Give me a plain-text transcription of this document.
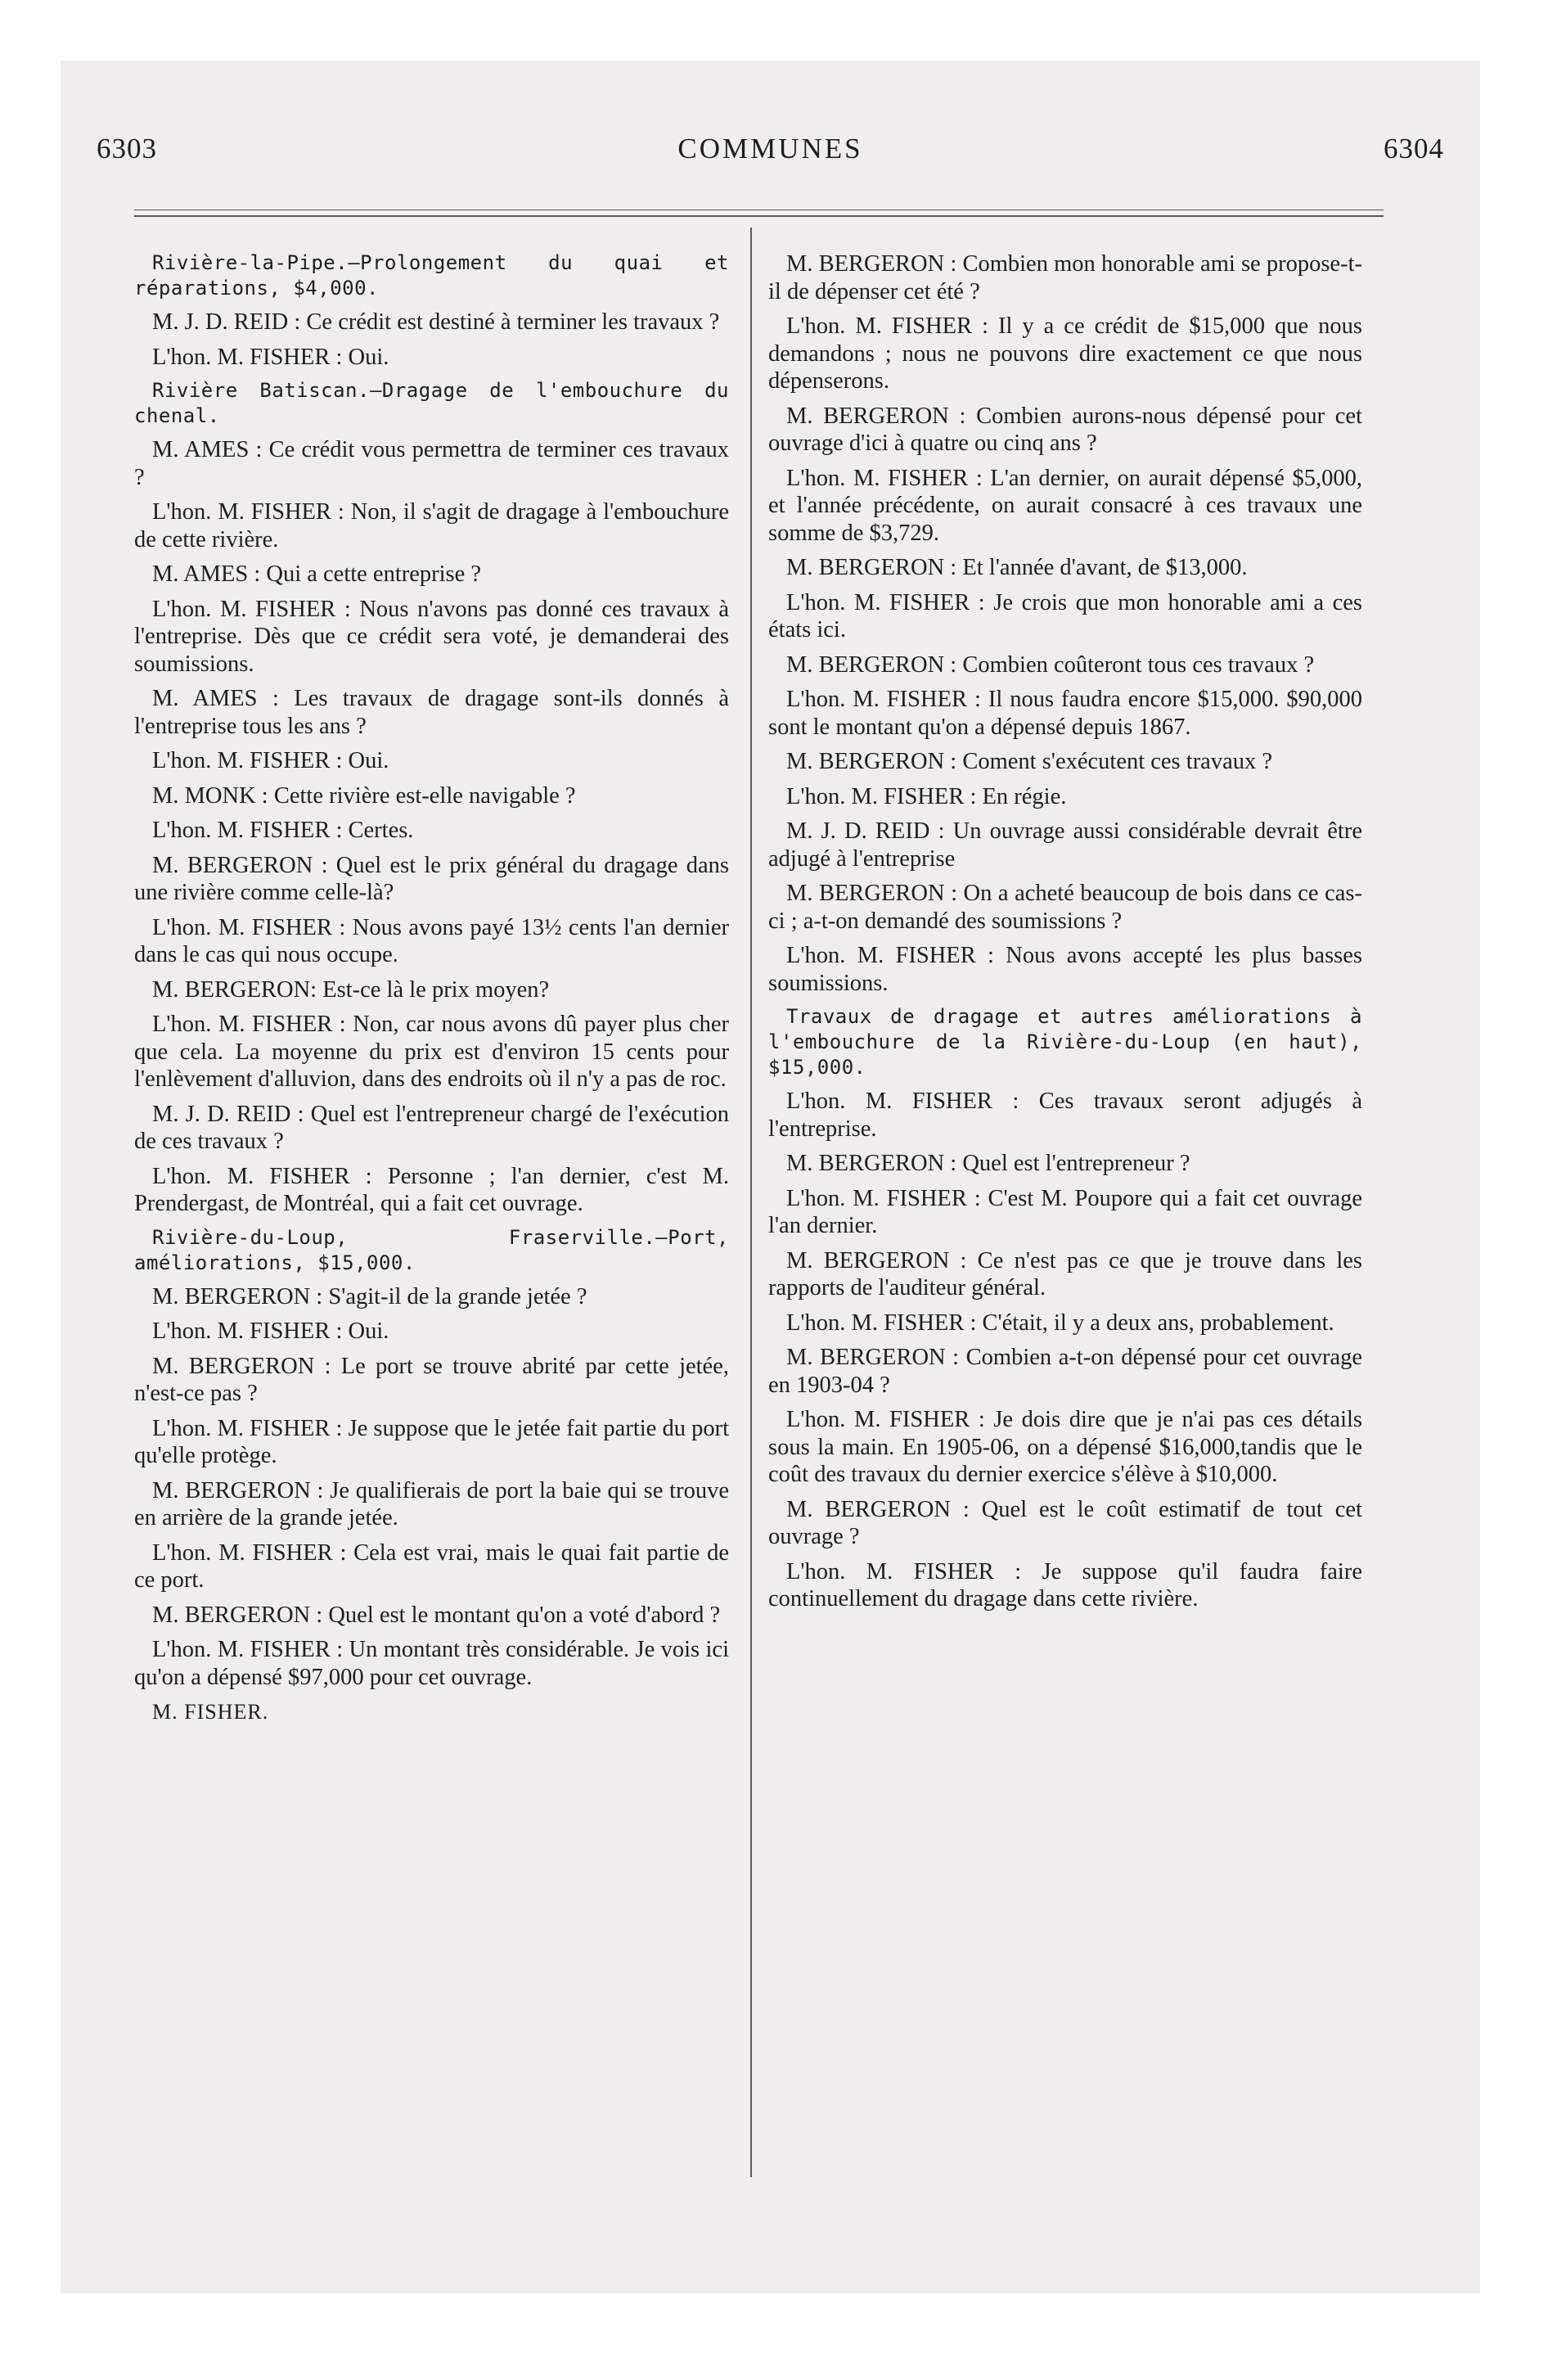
6303	COMMUNES	6304

Rivière-la-Pipe.—Prolongement du quai et réparations, $4,000.

M. J. D. REID : Ce crédit est destiné à terminer les travaux ?

L'hon. M. FISHER : Oui.

Rivière Batiscan.—Dragage de l'embouchure du chenal.

M. AMES : Ce crédit vous permettra de terminer ces travaux ?

L'hon. M. FISHER : Non, il s'agit de dragage à l'embouchure de cette rivière.

M. AMES : Qui a cette entreprise ?

L'hon. M. FISHER : Nous n'avons pas donné ces travaux à l'entreprise. Dès que ce crédit sera voté, je demanderai des soumissions.

M. AMES : Les travaux de dragage sont-ils donnés à l'entreprise tous les ans ?

L'hon. M. FISHER : Oui.

M. MONK : Cette rivière est-elle navigable ?

L'hon. M. FISHER : Certes.

M. BERGERON : Quel est le prix général du dragage dans une rivière comme celle-là?

L'hon. M. FISHER : Nous avons payé 13½ cents l'an dernier dans le cas qui nous occupe.

M. BERGERON: Est-ce là le prix moyen?

L'hon. M. FISHER : Non, car nous avons dû payer plus cher que cela. La moyenne du prix est d'environ 15 cents pour l'enlèvement d'alluvion, dans des endroits où il n'y a pas de roc.

M. J. D. REID : Quel est l'entrepreneur chargé de l'exécution de ces travaux ?

L'hon. M. FISHER : Personne ; l'an dernier, c'est M. Prendergast, de Montréal, qui a fait cet ouvrage.

Rivière-du-Loup, Fraserville.—Port, améliorations, $15,000.

M. BERGERON : S'agit-il de la grande jetée ?

L'hon. M. FISHER : Oui.

M. BERGERON : Le port se trouve abrité par cette jetée, n'est-ce pas ?

L'hon. M. FISHER : Je suppose que le jetée fait partie du port qu'elle protège.

M. BERGERON : Je qualifierais de port la baie qui se trouve en arrière de la grande jetée.

L'hon. M. FISHER : Cela est vrai, mais le quai fait partie de ce port.

M. BERGERON : Quel est le montant qu'on a voté d'abord ?

L'hon. M. FISHER : Un montant très considérable. Je vois ici qu'on a dépensé $97,000 pour cet ouvrage.

M. FISHER.

M. BERGERON : Combien mon honorable ami se propose-t-il de dépenser cet été ?

L'hon. M. FISHER : Il y a ce crédit de $15,000 que nous demandons ; nous ne pouvons dire exactement ce que nous dépenserons.

M. BERGERON : Combien aurons-nous dépensé pour cet ouvrage d'ici à quatre ou cinq ans ?

L'hon. M. FISHER : L'an dernier, on aurait dépensé $5,000, et l'année précédente, on aurait consacré à ces travaux une somme de $3,729.

M. BERGERON : Et l'année d'avant, de $13,000.

L'hon. M. FISHER : Je crois que mon honorable ami a ces états ici.

M. BERGERON : Combien coûteront tous ces travaux ?

L'hon. M. FISHER : Il nous faudra encore $15,000. $90,000 sont le montant qu'on a dépensé depuis 1867.

M. BERGERON : Coment s'exécutent ces travaux ?

L'hon. M. FISHER : En régie.

M. J. D. REID : Un ouvrage aussi considérable devrait être adjugé à l'entreprise

M. BERGERON : On a acheté beaucoup de bois dans ce cas-ci ; a-t-on demandé des soumissions ?

L'hon. M. FISHER : Nous avons accepté les plus basses soumissions.

Travaux de dragage et autres améliorations à l'embouchure de la Rivière-du-Loup (en haut), $15,000.

L'hon. M. FISHER : Ces travaux seront adjugés à l'entreprise.

M. BERGERON : Quel est l'entrepreneur ?

L'hon. M. FISHER : C'est M. Poupore qui a fait cet ouvrage l'an dernier.

M. BERGERON : Ce n'est pas ce que je trouve dans les rapports de l'auditeur général.

L'hon. M. FISHER : C'était, il y a deux ans, probablement.

M. BERGERON : Combien a-t-on dépensé pour cet ouvrage en 1903-04 ?

L'hon. M. FISHER : Je dois dire que je n'ai pas ces détails sous la main. En 1905-06, on a dépensé $16,000,tandis que le coût des travaux du dernier exercice s'élève à $10,000.

M. BERGERON : Quel est le coût estimatif de tout cet ouvrage ?

L'hon. M. FISHER : Je suppose qu'il faudra faire continuellement du dragage dans cette rivière.
